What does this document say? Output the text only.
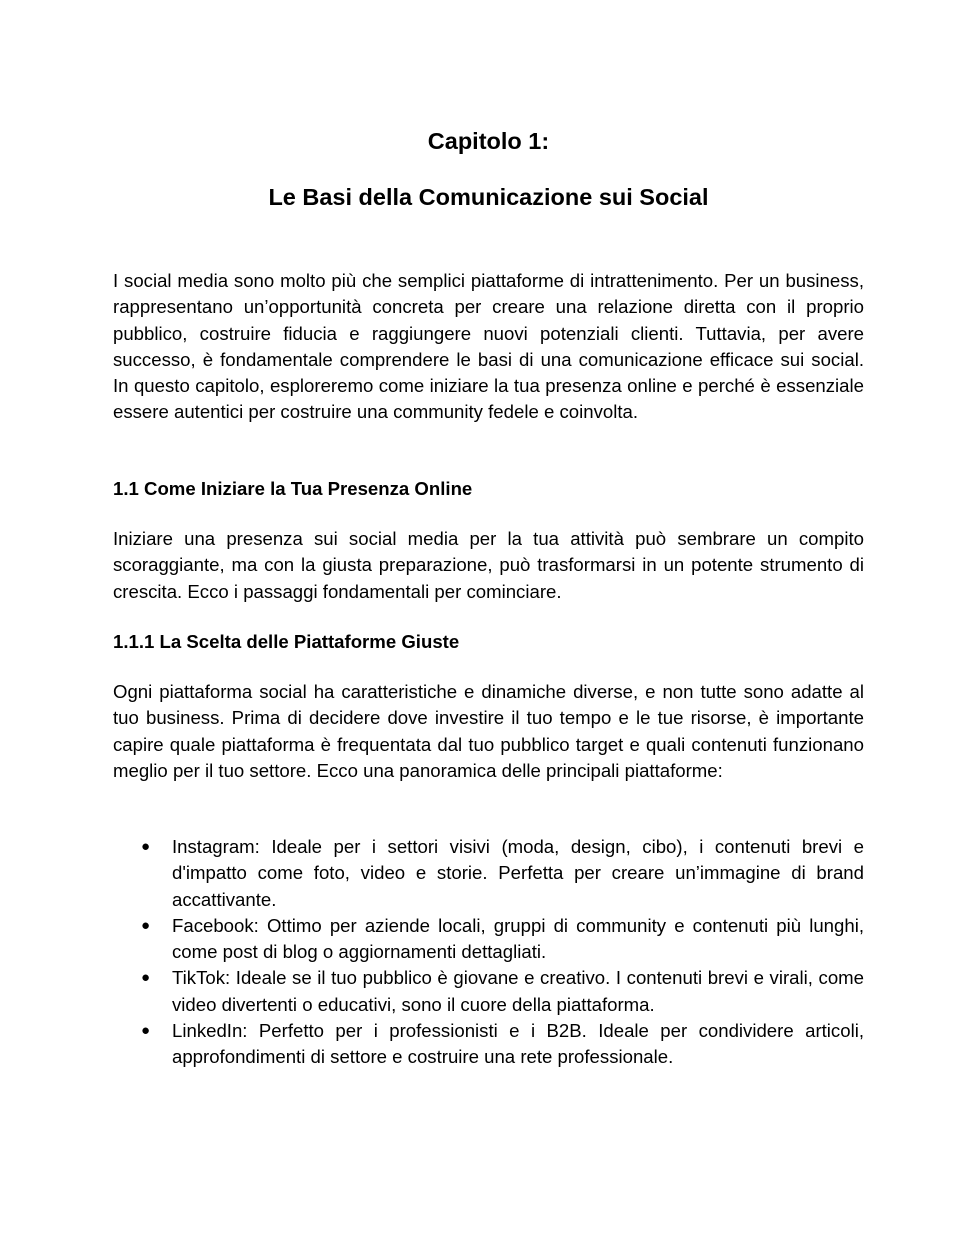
Capitolo 1:
Le Basi della Comunicazione sui Social

I social media sono molto più che semplici piattaforme di intrattenimento. Per un business, rappresentano un’opportunità concreta per creare una relazione diretta con il proprio pubblico, costruire fiducia e raggiungere nuovi potenziali clienti. Tuttavia, per avere successo, è fondamentale comprendere le basi di una comunicazione efficace sui social. In questo capitolo, esploreremo come iniziare la tua presenza online e perché è essenziale essere autentici per costruire una community fedele e coinvolta.

1.1 Come Iniziare la Tua Presenza Online

Iniziare una presenza sui social media per la tua attività può sembrare un compito scoraggiante, ma con la giusta preparazione, può trasformarsi in un potente strumento di crescita. Ecco i passaggi fondamentali per cominciare.

1.1.1 La Scelta delle Piattaforme Giuste

Ogni piattaforma social ha caratteristiche e dinamiche diverse, e non tutte sono adatte al tuo business. Prima di decidere dove investire il tuo tempo e le tue risorse, è importante capire quale piattaforma è frequentata dal tuo pubblico target e quali contenuti funzionano meglio per il tuo settore. Ecco una panoramica delle principali piattaforme:

● Instagram: Ideale per i settori visivi (moda, design, cibo), i contenuti brevi e d'impatto come foto, video e storie. Perfetta per creare un’immagine di brand accattivante.
● Facebook: Ottimo per aziende locali, gruppi di community e contenuti più lunghi, come post di blog o aggiornamenti dettagliati.
● TikTok: Ideale se il tuo pubblico è giovane e creativo. I contenuti brevi e virali, come video divertenti o educativi, sono il cuore della piattaforma.
● LinkedIn: Perfetto per i professionisti e i B2B. Ideale per condividere articoli, approfondimenti di settore e costruire una rete professionale.
